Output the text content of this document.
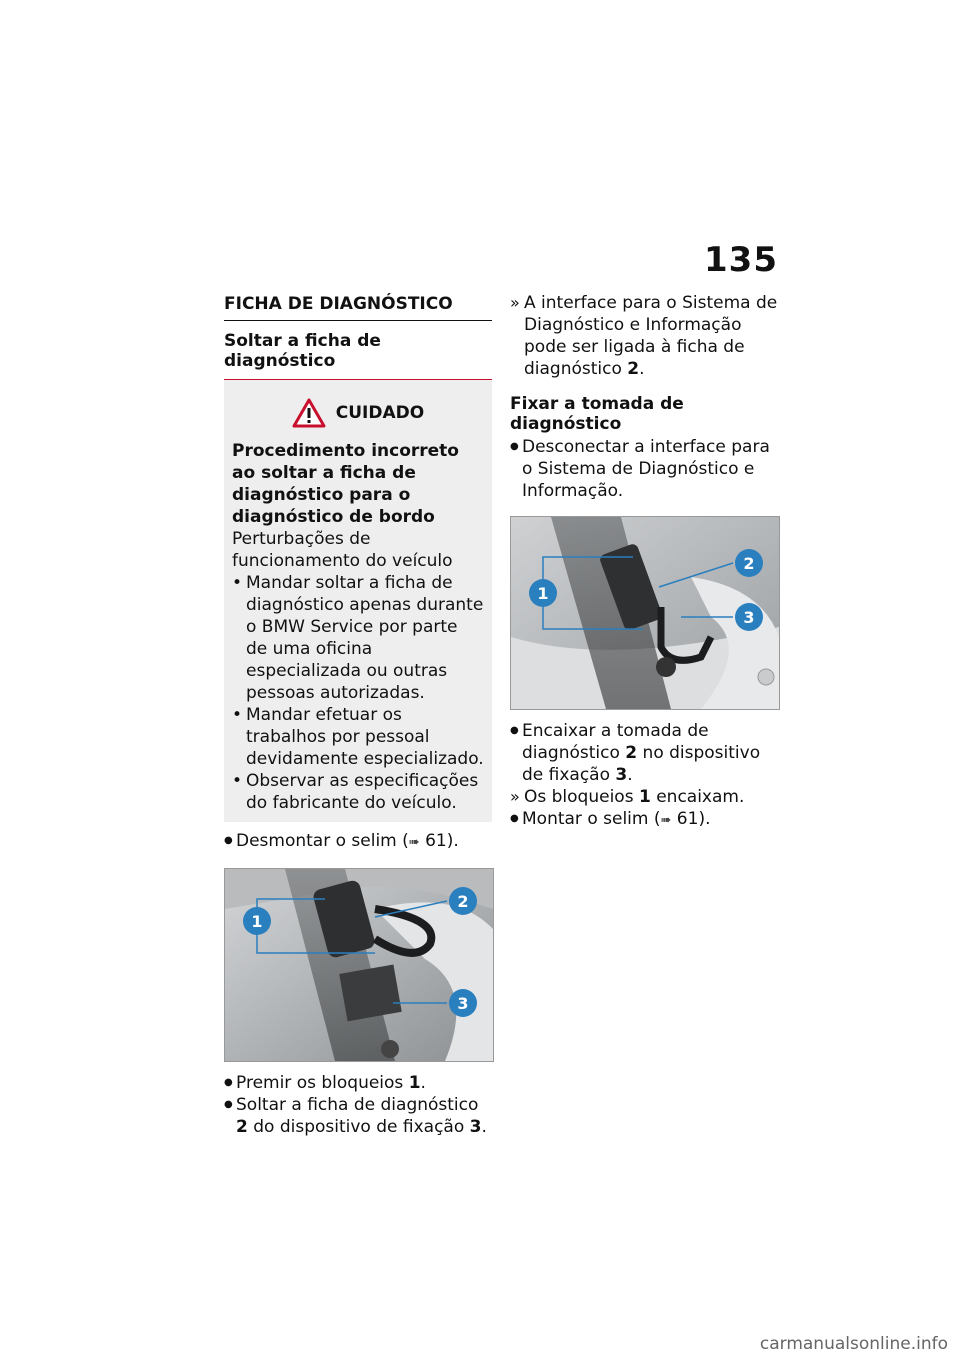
135
FICHA DE DIAGNÓSTICO
Soltar a ficha de diagnóstico
CUIDADO

Procedimento incorreto ao soltar a ficha de diagnóstico para o diagnóstico de bordo

Perturbações de funcionamento do veículo

• Mandar soltar a ficha de diagnóstico apenas durante o BMW Service por parte de uma oficina especializada ou outras pessoas autorizadas.
• Mandar efetuar os trabalhos por pessoal devidamente especializado.
• Observar as especificações do fabricante do veículo.
● Desmontar o selim (➠ 61).
1
2
3
● Premir os bloqueios 1.
● Soltar a ficha de diagnóstico 2 do dispositivo de fixação 3.
» A interface para o Sistema de Diagnóstico e Informação pode ser ligada à ficha de diagnóstico 2.
Fixar a tomada de diagnóstico
● Desconectar a interface para o Sistema de Diagnóstico e Informação.
1
2
3
● Encaixar a tomada de diagnóstico 2 no dispositivo de fixação 3.
» Os bloqueios 1 encaixam.
● Montar o selim (➠ 61).
carmanualsonline.info
